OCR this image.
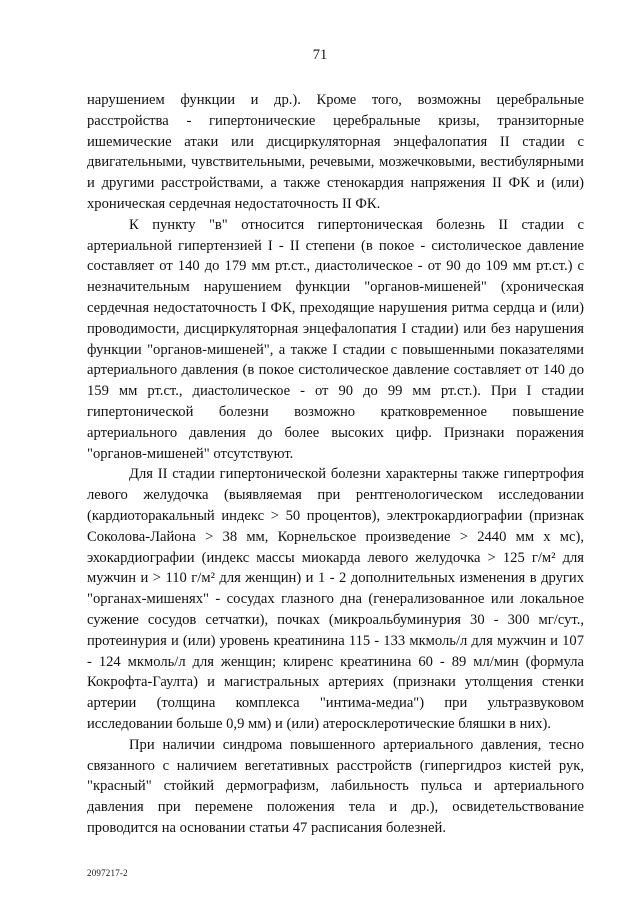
71

нарушением функции и др.). Кроме того, возможны церебральные расстройства - гипертонические церебральные кризы, транзиторные ишемические атаки или дисциркуляторная энцефалопатия II стадии с двигательными, чувствительными, речевыми, мозжечковыми, вестибулярными и другими расстройствами, а также стенокардия напряжения II ФК и (или) хроническая сердечная недостаточность II ФК.

К пункту "в" относится гипертоническая болезнь II стадии с артериальной гипертензией I - II степени (в покое - систолическое давление составляет от 140 до 179 мм рт.ст., диастолическое - от 90 до 109 мм рт.ст.) с незначительным нарушением функции "органов-мишеней" (хроническая сердечная недостаточность I ФК, преходящие нарушения ритма сердца и (или) проводимости, дисциркуляторная энцефалопатия I стадии) или без нарушения функции "органов-мишеней", а также I стадии с повышенными показателями артериального давления (в покое систолическое давление составляет от 140 до 159 мм рт.ст., диастолическое - от 90 до 99 мм рт.ст.). При I стадии гипертонической болезни возможно кратковременное повышение артериального давления до более высоких цифр. Признаки поражения "органов-мишеней" отсутствуют.

Для II стадии гипертонической болезни характерны также гипертрофия левого желудочка (выявляемая при рентгенологическом исследовании (кардиоторакальный индекс > 50 процентов), электрокардиографии (признак Соколова-Лайона > 38 мм, Корнельское произведение > 2440 мм х мс), эхокардиографии (индекс массы миокарда левого желудочка > 125 г/м² для мужчин и > 110 г/м² для женщин) и 1 - 2 дополнительных изменения в других "органах-мишенях" - сосудах глазного дна (генерализованное или локальное сужение сосудов сетчатки), почках (микроальбуминурия 30 - 300 мг/сут., протеинурия и (или) уровень креатинина 115 - 133 мкмоль/л для мужчин и 107 - 124 мкмоль/л для женщин; клиренс креатинина 60 - 89 мл/мин (формула Кокрофта-Гаулта) и магистральных артериях (признаки утолщения стенки артерии (толщина комплекса "интима-медиа") при ультразвуковом исследовании больше 0,9 мм) и (или) атеросклеротические бляшки в них).

При наличии синдрома повышенного артериального давления, тесно связанного с наличием вегетативных расстройств (гипергидроз кистей рук, "красный" стойкий дермографизм, лабильность пульса и артериального давления при перемене положения тела и др.), освидетельствование проводится на основании статьи 47 расписания болезней.

2097217-2
